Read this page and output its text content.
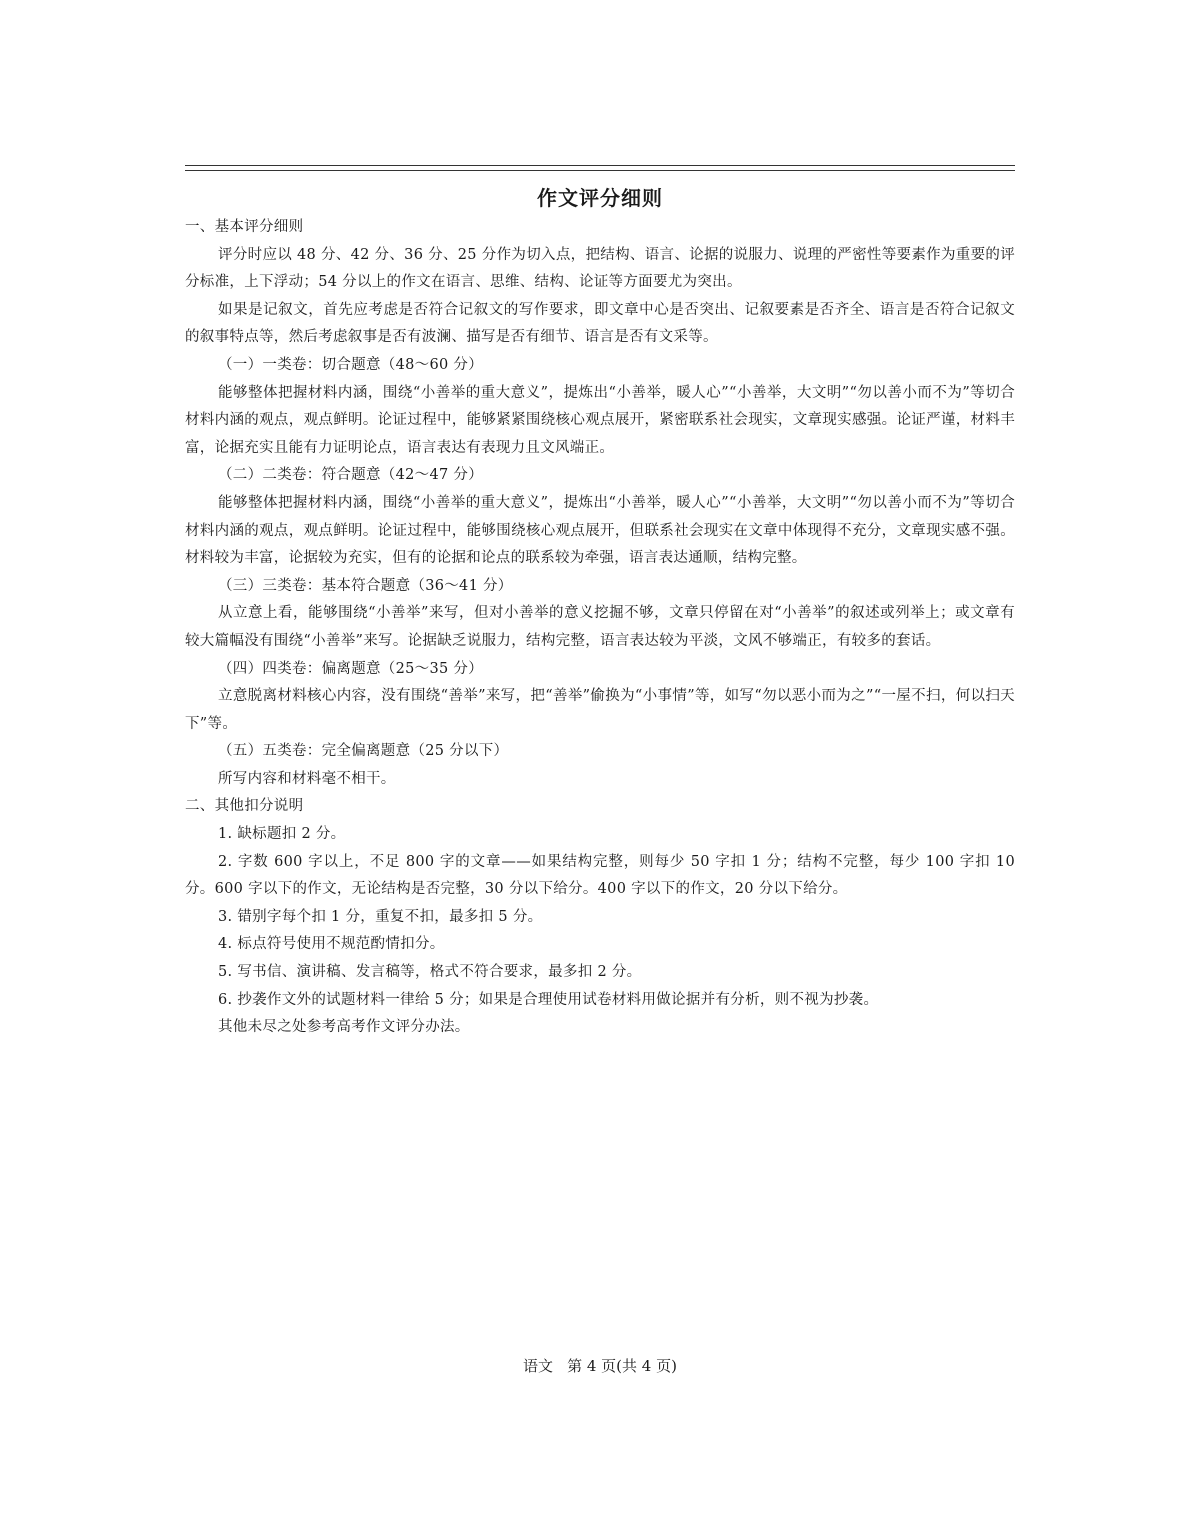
作文评分细则

一、基本评分细则

评分时应以 48 分、42 分、36 分、25 分作为切入点，把结构、语言、论据的说服力、说理的严密性等要素作为重要的评分标准，上下浮动；54 分以上的作文在语言、思维、结构、论证等方面要尤为突出。

如果是记叙文，首先应考虑是否符合记叙文的写作要求，即文章中心是否突出、记叙要素是否齐全、语言是否符合记叙文的叙事特点等，然后考虑叙事是否有波澜、描写是否有细节、语言是否有文采等。

（一）一类卷：切合题意（48～60 分）

能够整体把握材料内涵，围绕“小善举的重大意义”，提炼出“小善举，暖人心”“小善举，大文明”“勿以善小而不为”等切合材料内涵的观点，观点鲜明。论证过程中，能够紧紧围绕核心观点展开，紧密联系社会现实，文章现实感强。论证严谨，材料丰富，论据充实且能有力证明论点，语言表达有表现力且文风端正。

（二）二类卷：符合题意（42～47 分）

能够整体把握材料内涵，围绕“小善举的重大意义”，提炼出“小善举，暖人心”“小善举，大文明”“勿以善小而不为”等切合材料内涵的观点，观点鲜明。论证过程中，能够围绕核心观点展开，但联系社会现实在文章中体现得不充分，文章现实感不强。材料较为丰富，论据较为充实，但有的论据和论点的联系较为牵强，语言表达通顺，结构完整。

（三）三类卷：基本符合题意（36～41 分）

从立意上看，能够围绕“小善举”来写，但对小善举的意义挖掘不够，文章只停留在对“小善举”的叙述或列举上；或文章有较大篇幅没有围绕“小善举”来写。论据缺乏说服力，结构完整，语言表达较为平淡，文风不够端正，有较多的套话。

（四）四类卷：偏离题意（25～35 分）

立意脱离材料核心内容，没有围绕“善举”来写，把“善举”偷换为“小事情”等，如写“勿以恶小而为之”“一屋不扫，何以扫天下”等。

（五）五类卷：完全偏离题意（25 分以下）

所写内容和材料毫不相干。

二、其他扣分说明

1. 缺标题扣 2 分。

2. 字数 600 字以上，不足 800 字的文章——如果结构完整，则每少 50 字扣 1 分；结构不完整，每少 100 字扣 10 分。600 字以下的作文，无论结构是否完整，30 分以下给分。400 字以下的作文，20 分以下给分。

3. 错别字每个扣 1 分，重复不扣，最多扣 5 分。

4. 标点符号使用不规范酌情扣分。

5. 写书信、演讲稿、发言稿等，格式不符合要求，最多扣 2 分。

6. 抄袭作文外的试题材料一律给 5 分；如果是合理使用试卷材料用做论据并有分析，则不视为抄袭。

其他未尽之处参考高考作文评分办法。

语文 第 4 页(共 4 页)
